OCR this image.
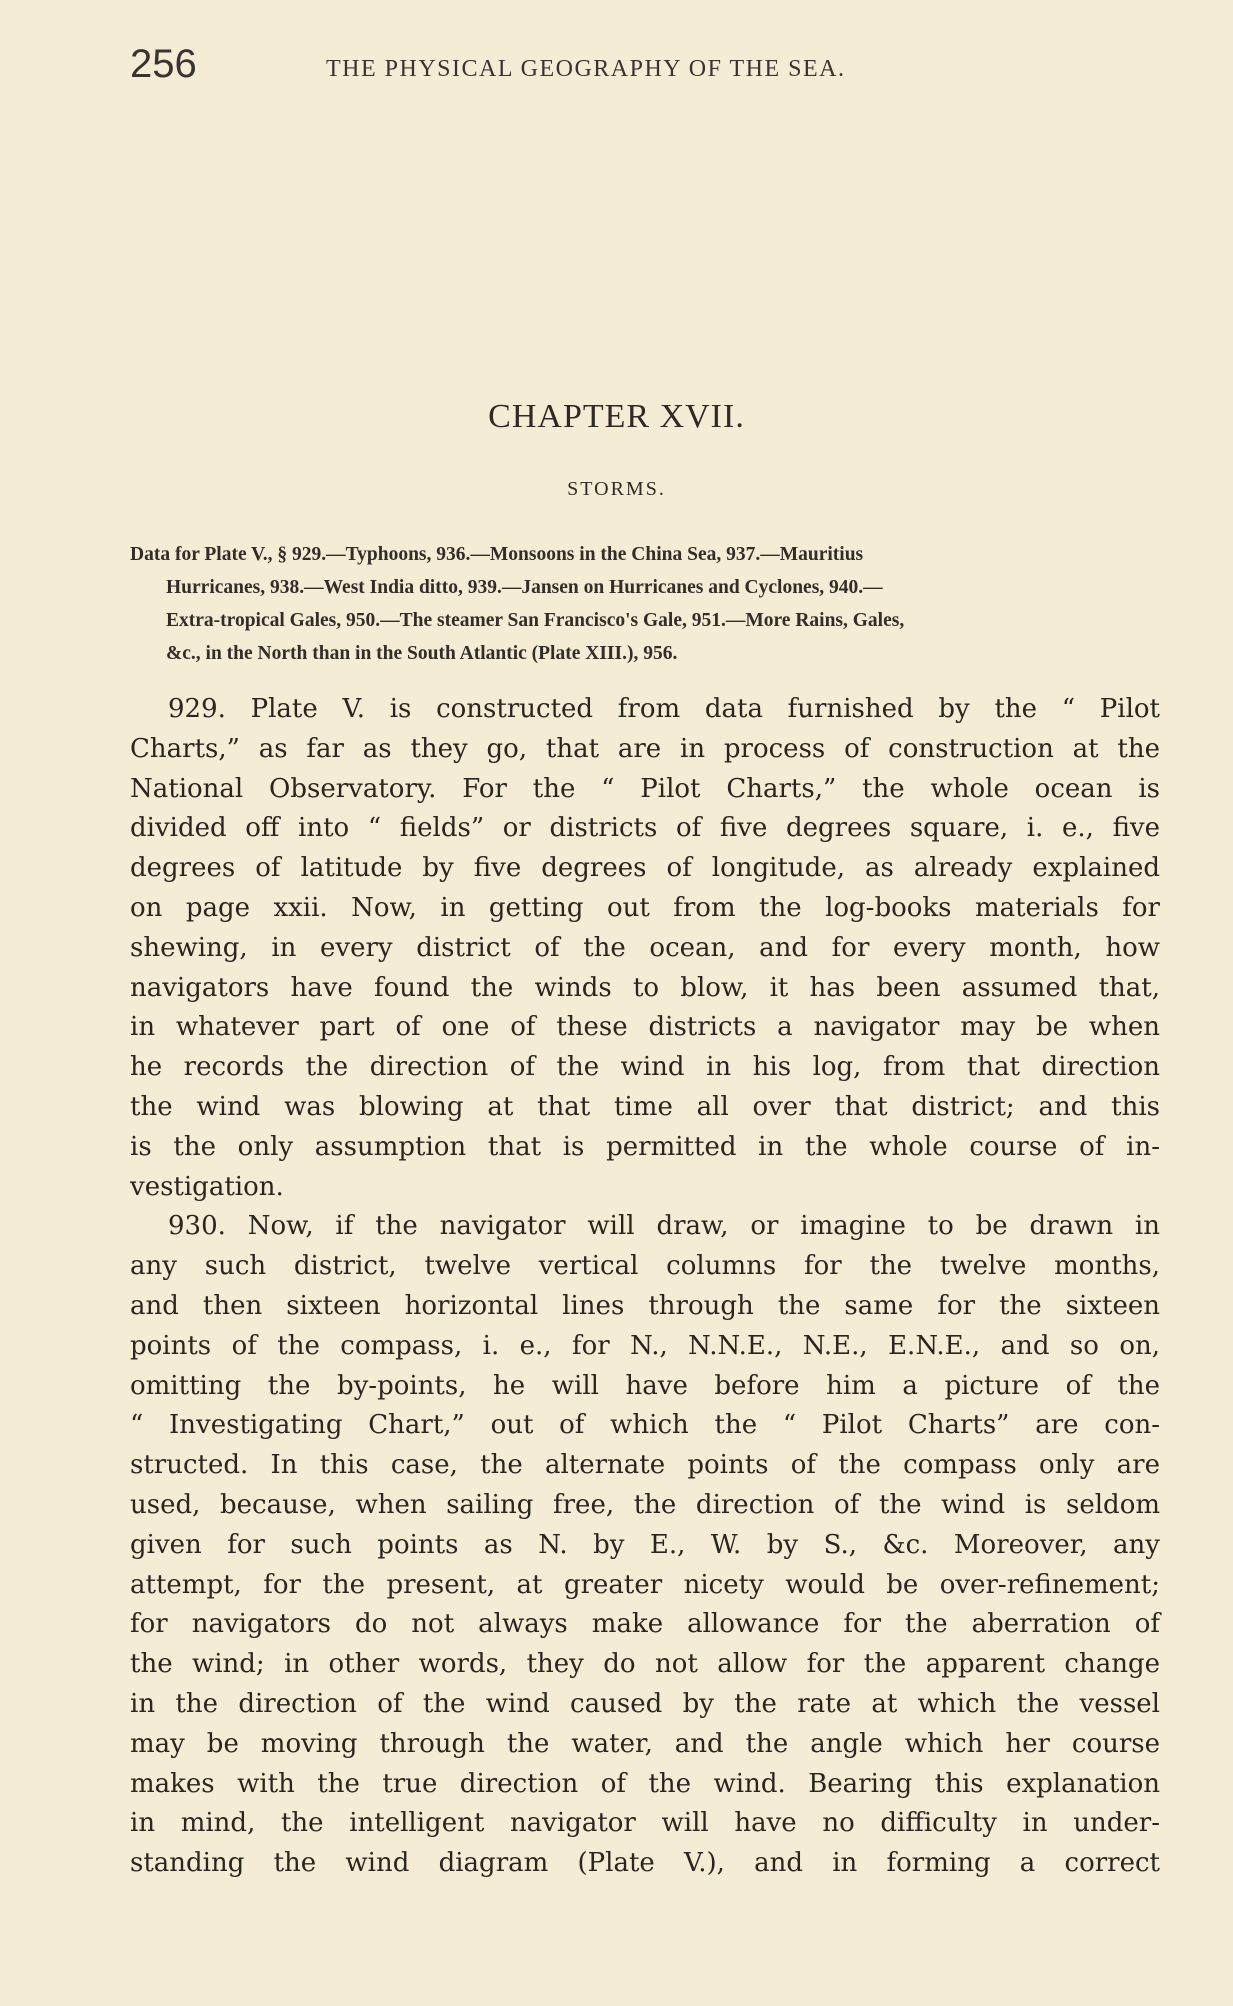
256	THE PHYSICAL GEOGRAPHY OF THE SEA.
CHAPTER XVII.
STORMS.
Data for Plate V., § 929.—Typhoons, 936.—Monsoons in the China Sea, 937.—Mauritius
Hurricanes, 938.—West India ditto, 939.—Jansen on Hurricanes and Cyclones, 940.—
Extra-tropical Gales, 950.—The steamer San Francisco's Gale, 951.—More Rains, Gales,
&c., in the North than in the South Atlantic (Plate XIII.), 956.
929. Plate V. is constructed from data furnished by the “ Pilot
Charts,” as far as they go, that are in process of construction at the
National Observatory. For the “ Pilot Charts,” the whole ocean is
divided off into “ fields” or districts of five degrees square, i. e., five
degrees of latitude by five degrees of longitude, as already explained
on page xxii. Now, in getting out from the log-books materials for
shewing, in every district of the ocean, and for every month, how
navigators have found the winds to blow, it has been assumed that,
in whatever part of one of these districts a navigator may be when
he records the direction of the wind in his log, from that direction
the wind was blowing at that time all over that district; and this
is the only assumption that is permitted in the whole course of in-
vestigation.
930. Now, if the navigator will draw, or imagine to be drawn in
any such district, twelve vertical columns for the twelve months,
and then sixteen horizontal lines through the same for the sixteen
points of the compass, i. e., for N., N.N.E., N.E., E.N.E., and so on,
omitting the by-points, he will have before him a picture of the
“ Investigating Chart,” out of which the “ Pilot Charts” are con-
structed. In this case, the alternate points of the compass only are
used, because, when sailing free, the direction of the wind is seldom
given for such points as N. by E., W. by S., &c. Moreover, any
attempt, for the present, at greater nicety would be over-refinement;
for navigators do not always make allowance for the aberration of
the wind; in other words, they do not allow for the apparent change
in the direction of the wind caused by the rate at which the vessel
may be moving through the water, and the angle which her course
makes with the true direction of the wind. Bearing this explanation
in mind, the intelligent navigator will have no difficulty in under-
standing the wind diagram (Plate V.), and in forming a correct
